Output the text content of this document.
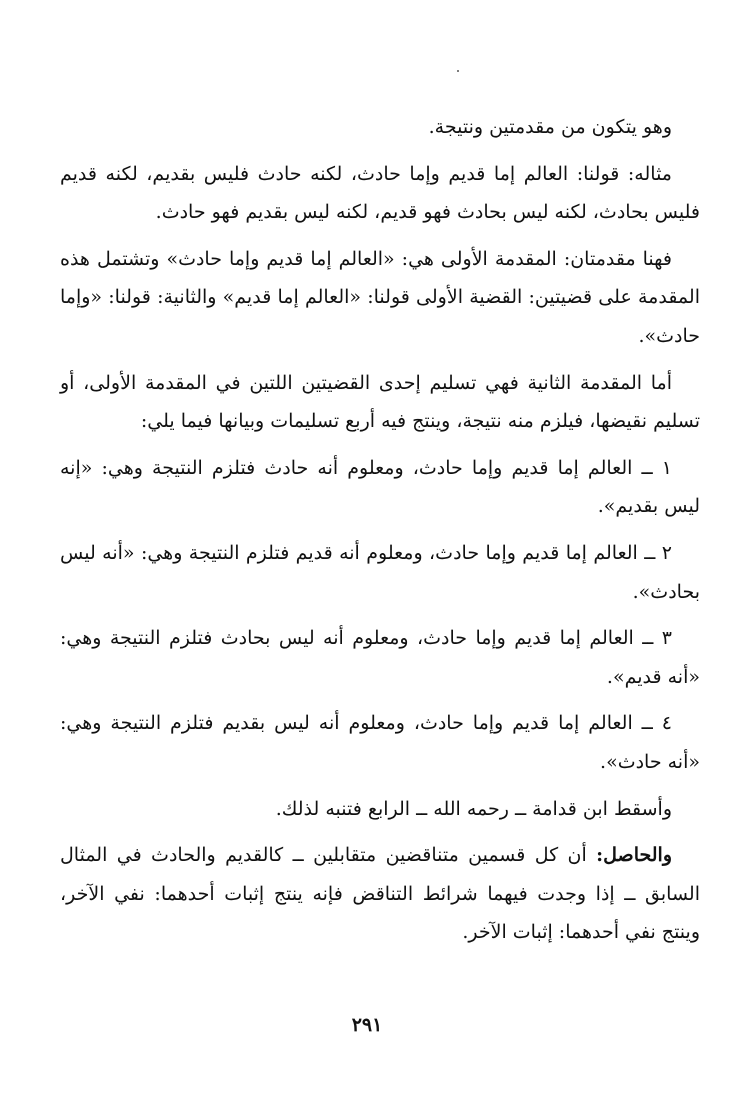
وهو يتكون من مقدمتين ونتيجة.

مثاله: قولنا: العالم إما قديم وإما حادث، لكنه حادث فليس بقديم، لكنه قديم فليس بحادث، لكنه ليس بحادث فهو قديم، لكنه ليس بقديم فهو حادث.

فهنا مقدمتان: المقدمة الأولى هي: «العالم إما قديم وإما حادث» وتشتمل هذه المقدمة على قضيتين: القضية الأولى قولنا: «العالم إما قديم» والثانية: قولنا: «وإما حادث».

أما المقدمة الثانية فهي تسليم إحدى القضيتين اللتين في المقدمة الأولى، أو تسليم نقيضها، فيلزم منه نتيجة، وينتج فيه أربع تسليمات وبيانها فيما يلي:

١ ــ العالم إما قديم وإما حادث، ومعلوم أنه حادث فتلزم النتيجة وهي: «إنه ليس بقديم».

٢ ــ العالم إما قديم وإما حادث، ومعلوم أنه قديم فتلزم النتيجة وهي: «أنه ليس بحادث».

٣ ــ العالم إما قديم وإما حادث، ومعلوم أنه ليس بحادث فتلزم النتيجة وهي: «أنه قديم».

٤ ــ العالم إما قديم وإما حادث، ومعلوم أنه ليس بقديم فتلزم النتيجة وهي: «أنه حادث».

وأسقط ابن قدامة ــ رحمه الله ــ الرابع فتنبه لذلك.

والحاصل: أن كل قسمين متناقضين متقابلين ــ كالقديم والحادث في المثال السابق ــ إذا وجدت فيهما شرائط التناقض فإنه ينتج إثبات أحدهما: نفي الآخر، وينتج نفي أحدهما: إثبات الآخر.

٢٩١
